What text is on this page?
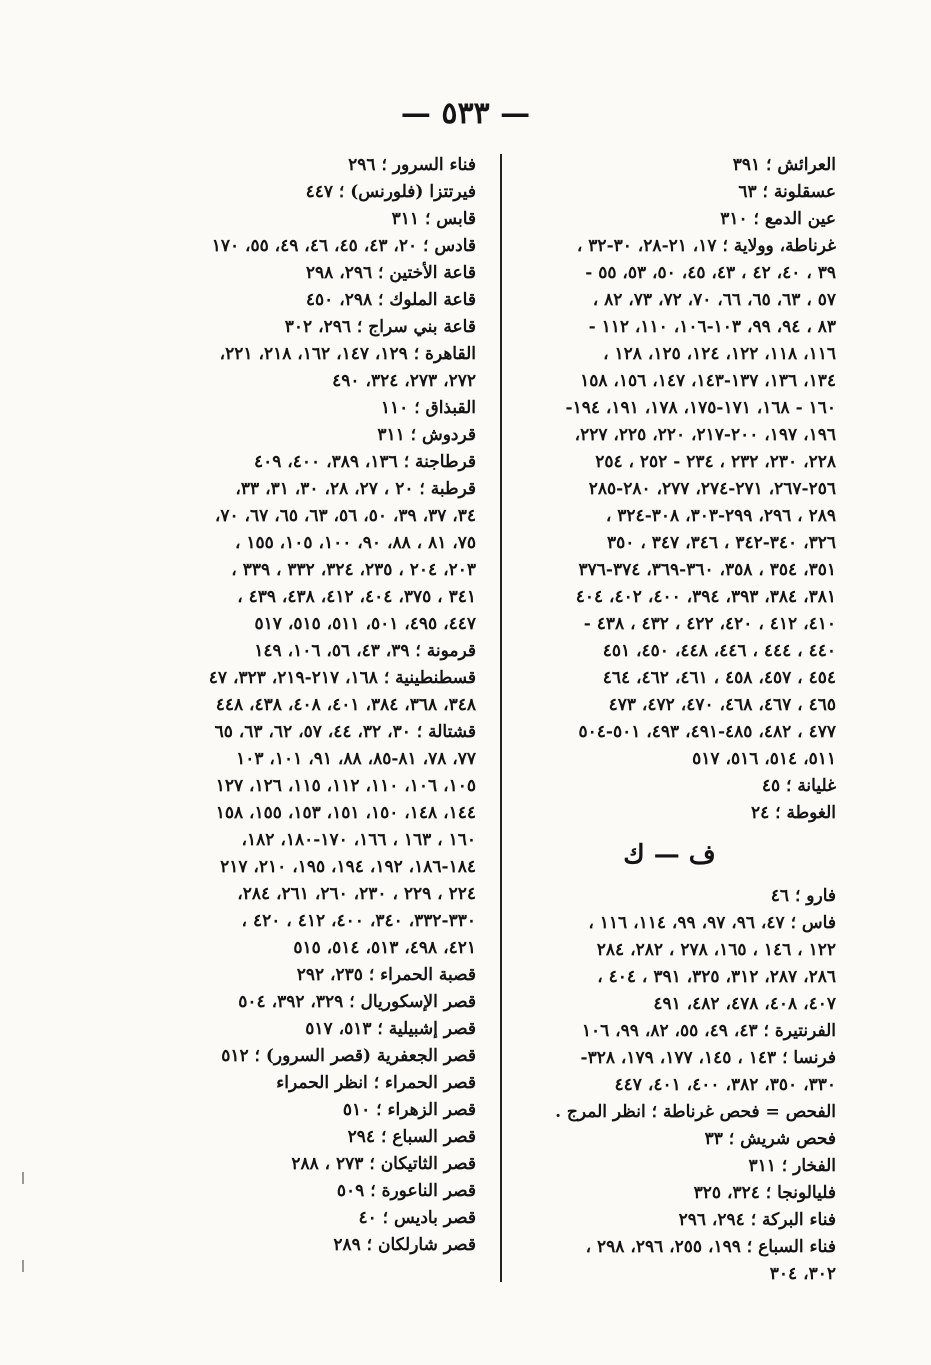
— ٥٣٣ —
العرائش ؛ ٣٩١
عسقلونة ؛ ٦٣
عين الدمع ؛ ٣١٠
غرناطة، وولاية ؛ ١٧، ٢١-٢٨، ٣٠-٣٢ ،
٣٩ ، ٤٠، ٤٢ ، ٤٣، ٤٥، ٥٠، ٥٣، ٥٥ -
٥٧ ، ٦٣، ٦٥، ٦٦، ٧٠، ٧٢، ٧٣، ٨٢ ،
٨٣ ، ٩٤، ٩٩، ١٠٣-١٠٦، ١١٠، ١١٢ -
١١٦، ١١٨، ١٢٢، ١٢٤، ١٢٥، ١٢٨ ،
١٣٤، ١٣٦، ١٣٧-١٤٣، ١٤٧، ١٥٦، ١٥٨
١٦٠ - ١٦٨، ١٧١-١٧٥، ١٧٨، ١٩١، ١٩٤-
١٩٦، ١٩٧، ٢٠٠-٢١٧، ٢٢٠، ٢٢٥، ٢٢٧،
٢٢٨، ٢٣٠، ٢٣٢ ، ٢٣٤ - ٢٥٢ ، ٢٥٤
٢٥٦-٢٦٧، ٢٧١-٢٧٤، ٢٧٧، ٢٨٠-٢٨٥
٢٨٩ ، ٢٩٦، ٢٩٩-٣٠٣، ٣٠٨-٣٢٤ ،
٣٢٦، ٣٤٠-٣٤٢ ، ٣٤٦، ٣٤٧ ، ٣٥٠
٣٥١، ٣٥٤ ، ٣٥٨، ٣٦٠-٣٦٩، ٣٧٤-٣٧٦
٣٨١، ٣٨٤، ٣٩٣، ٣٩٤، ٤٠٠، ٤٠٢، ٤٠٤
٤١٠، ٤١٢ ، ٤٢٠، ٤٢٢ ، ٤٣٢ ، ٤٣٨ -
٤٤٠ ، ٤٤٤ ، ٤٤٦، ٤٤٨، ٤٥٠، ٤٥١
٤٥٤ ، ٤٥٧، ٤٥٨ ، ٤٦١، ٤٦٢، ٤٦٤
٤٦٥ ، ٤٦٧، ٤٦٨، ٤٧٠، ٤٧٢، ٤٧٣
٤٧٧ ، ٤٨٢، ٤٨٥-٤٩١، ٤٩٣، ٥٠١-٥٠٤
٥١١، ٥١٤، ٥١٦، ٥١٧
غليانة ؛ ٤٥
الغوطة ؛ ٢٤
ف — ك
فارو ؛ ٤٦
فاس ؛ ٤٧، ٩٦، ٩٧، ٩٩، ١١٤، ١١٦ ،
١٢٢ ، ١٤٦ ، ١٦٥، ٢٧٨ ، ٢٨٢، ٢٨٤
٢٨٦، ٢٨٧، ٣١٢، ٣٢٥، ٣٩١ ، ٤٠٤ ،
٤٠٧، ٤٠٨، ٤٧٨، ٤٨٢، ٤٩١
الفرنتيرة ؛ ٤٣، ٤٩، ٥٥، ٨٢، ٩٩، ١٠٦
فرنسا ؛ ١٤٣ ، ١٤٥، ١٧٧، ١٧٩، ٣٢٨-
٣٣٠، ٣٥٠، ٣٨٢، ٤٠٠، ٤٠١، ٤٤٧
الفحص = فحص غرناطة ؛ انظر المرج .
فحص شريش ؛ ٣٣
الفخار ؛ ٣١١
فليالونجا ؛ ٣٢٤، ٣٢٥
فناء البركة ؛ ٢٩٤، ٢٩٦
فناء السباع ؛ ١٩٩، ٢٥٥، ٢٩٦، ٢٩٨ ،
٣٠٢، ٣٠٤
فناء السرور ؛ ٢٩٦
فيرتتزا (فلورنس) ؛ ٤٤٧
قابس ؛ ٣١١
قادس ؛ ٢٠، ٤٣، ٤٥، ٤٦، ٤٩، ٥٥، ١٧٠
قاعة الأختين ؛ ٢٩٦، ٢٩٨
قاعة الملوك ؛ ٢٩٨، ٤٥٠
قاعة بني سراج ؛ ٢٩٦، ٣٠٢
القاهرة ؛ ١٢٩، ١٤٧، ١٦٢، ٢١٨، ٢٢١،
٢٧٢، ٢٧٣، ٣٢٤، ٤٩٠
القبذاق ؛ ١١٠
قردوش ؛ ٣١١
قرطاجنة ؛ ١٣٦، ٣٨٩، ٤٠٠، ٤٠٩
قرطبة ؛ ٢٠ ، ٢٧، ٢٨، ٣٠، ٣١، ٣٣،
٣٤، ٣٧، ٣٩، ٥٠، ٥٦، ٦٣، ٦٥، ٦٧، ٧٠،
٧٥، ٨١ ، ٨٨، ٩٠، ١٠٠، ١٠٥، ١٥٥ ،
٢٠٣، ٢٠٤ ، ٢٣٥، ٣٢٤، ٣٣٢ ، ٣٣٩ ،
٣٤١ ، ٣٧٥، ٤٠٤، ٤١٢، ٤٣٨، ٤٣٩ ،
٤٤٧، ٤٩٥، ٥٠١، ٥١١، ٥١٥، ٥١٧
قرمونة ؛ ٣٩، ٤٣، ٥٦، ١٠٦، ١٤٩
قسطنطينية ؛ ١٦٨، ٢١٧-٢١٩، ٣٢٣، ٤٧
٣٤٨، ٣٦٨، ٣٨٤، ٤٠١، ٤٠٨، ٤٣٨، ٤٤٨
قشتالة ؛ ٣٠، ٣٢، ٤٤، ٥٧، ٦٢، ٦٣، ٦٥
٧٧، ٧٨، ٨١-٨٥، ٨٨، ٩١، ١٠١، ١٠٣
١٠٥، ١٠٦، ١١٠، ١١٢، ١١٥، ١٢٦، ١٢٧
١٤٤، ١٤٨، ١٥٠، ١٥١، ١٥٣، ١٥٥، ١٥٨
١٦٠ ، ١٦٣ ، ١٦٦، ١٧٠-١٨٠، ١٨٢،
١٨٤-١٨٦، ١٩٢، ١٩٤، ١٩٥، ٢١٠، ٢١٧
٢٢٤ ، ٢٢٩ ، ٢٣٠، ٢٦٠، ٢٦١، ٢٨٤،
٣٣٠-٣٣٢، ٣٤٠، ٤٠٠، ٤١٢ ، ٤٢٠ ،
٤٢١، ٤٩٨، ٥١٣، ٥١٤، ٥١٥
قصبة الحمراء ؛ ٢٣٥، ٢٩٢
قصر الإسكوريال ؛ ٣٢٩، ٣٩٢، ٥٠٤
قصر إشبيلية ؛ ٥١٣، ٥١٧
قصر الجعفرية (قصر السرور) ؛ ٥١٢
قصر الحمراء ؛ انظر الحمراء
قصر الزهراء ؛ ٥١٠
قصر السباع ؛ ٢٩٤
قصر الثاتيكان ؛ ٢٧٣ ، ٢٨٨
قصر الناعورة ؛ ٥٠٩
قصر باديس ؛ ٤٠
قصر شارلكان ؛ ٢٨٩
